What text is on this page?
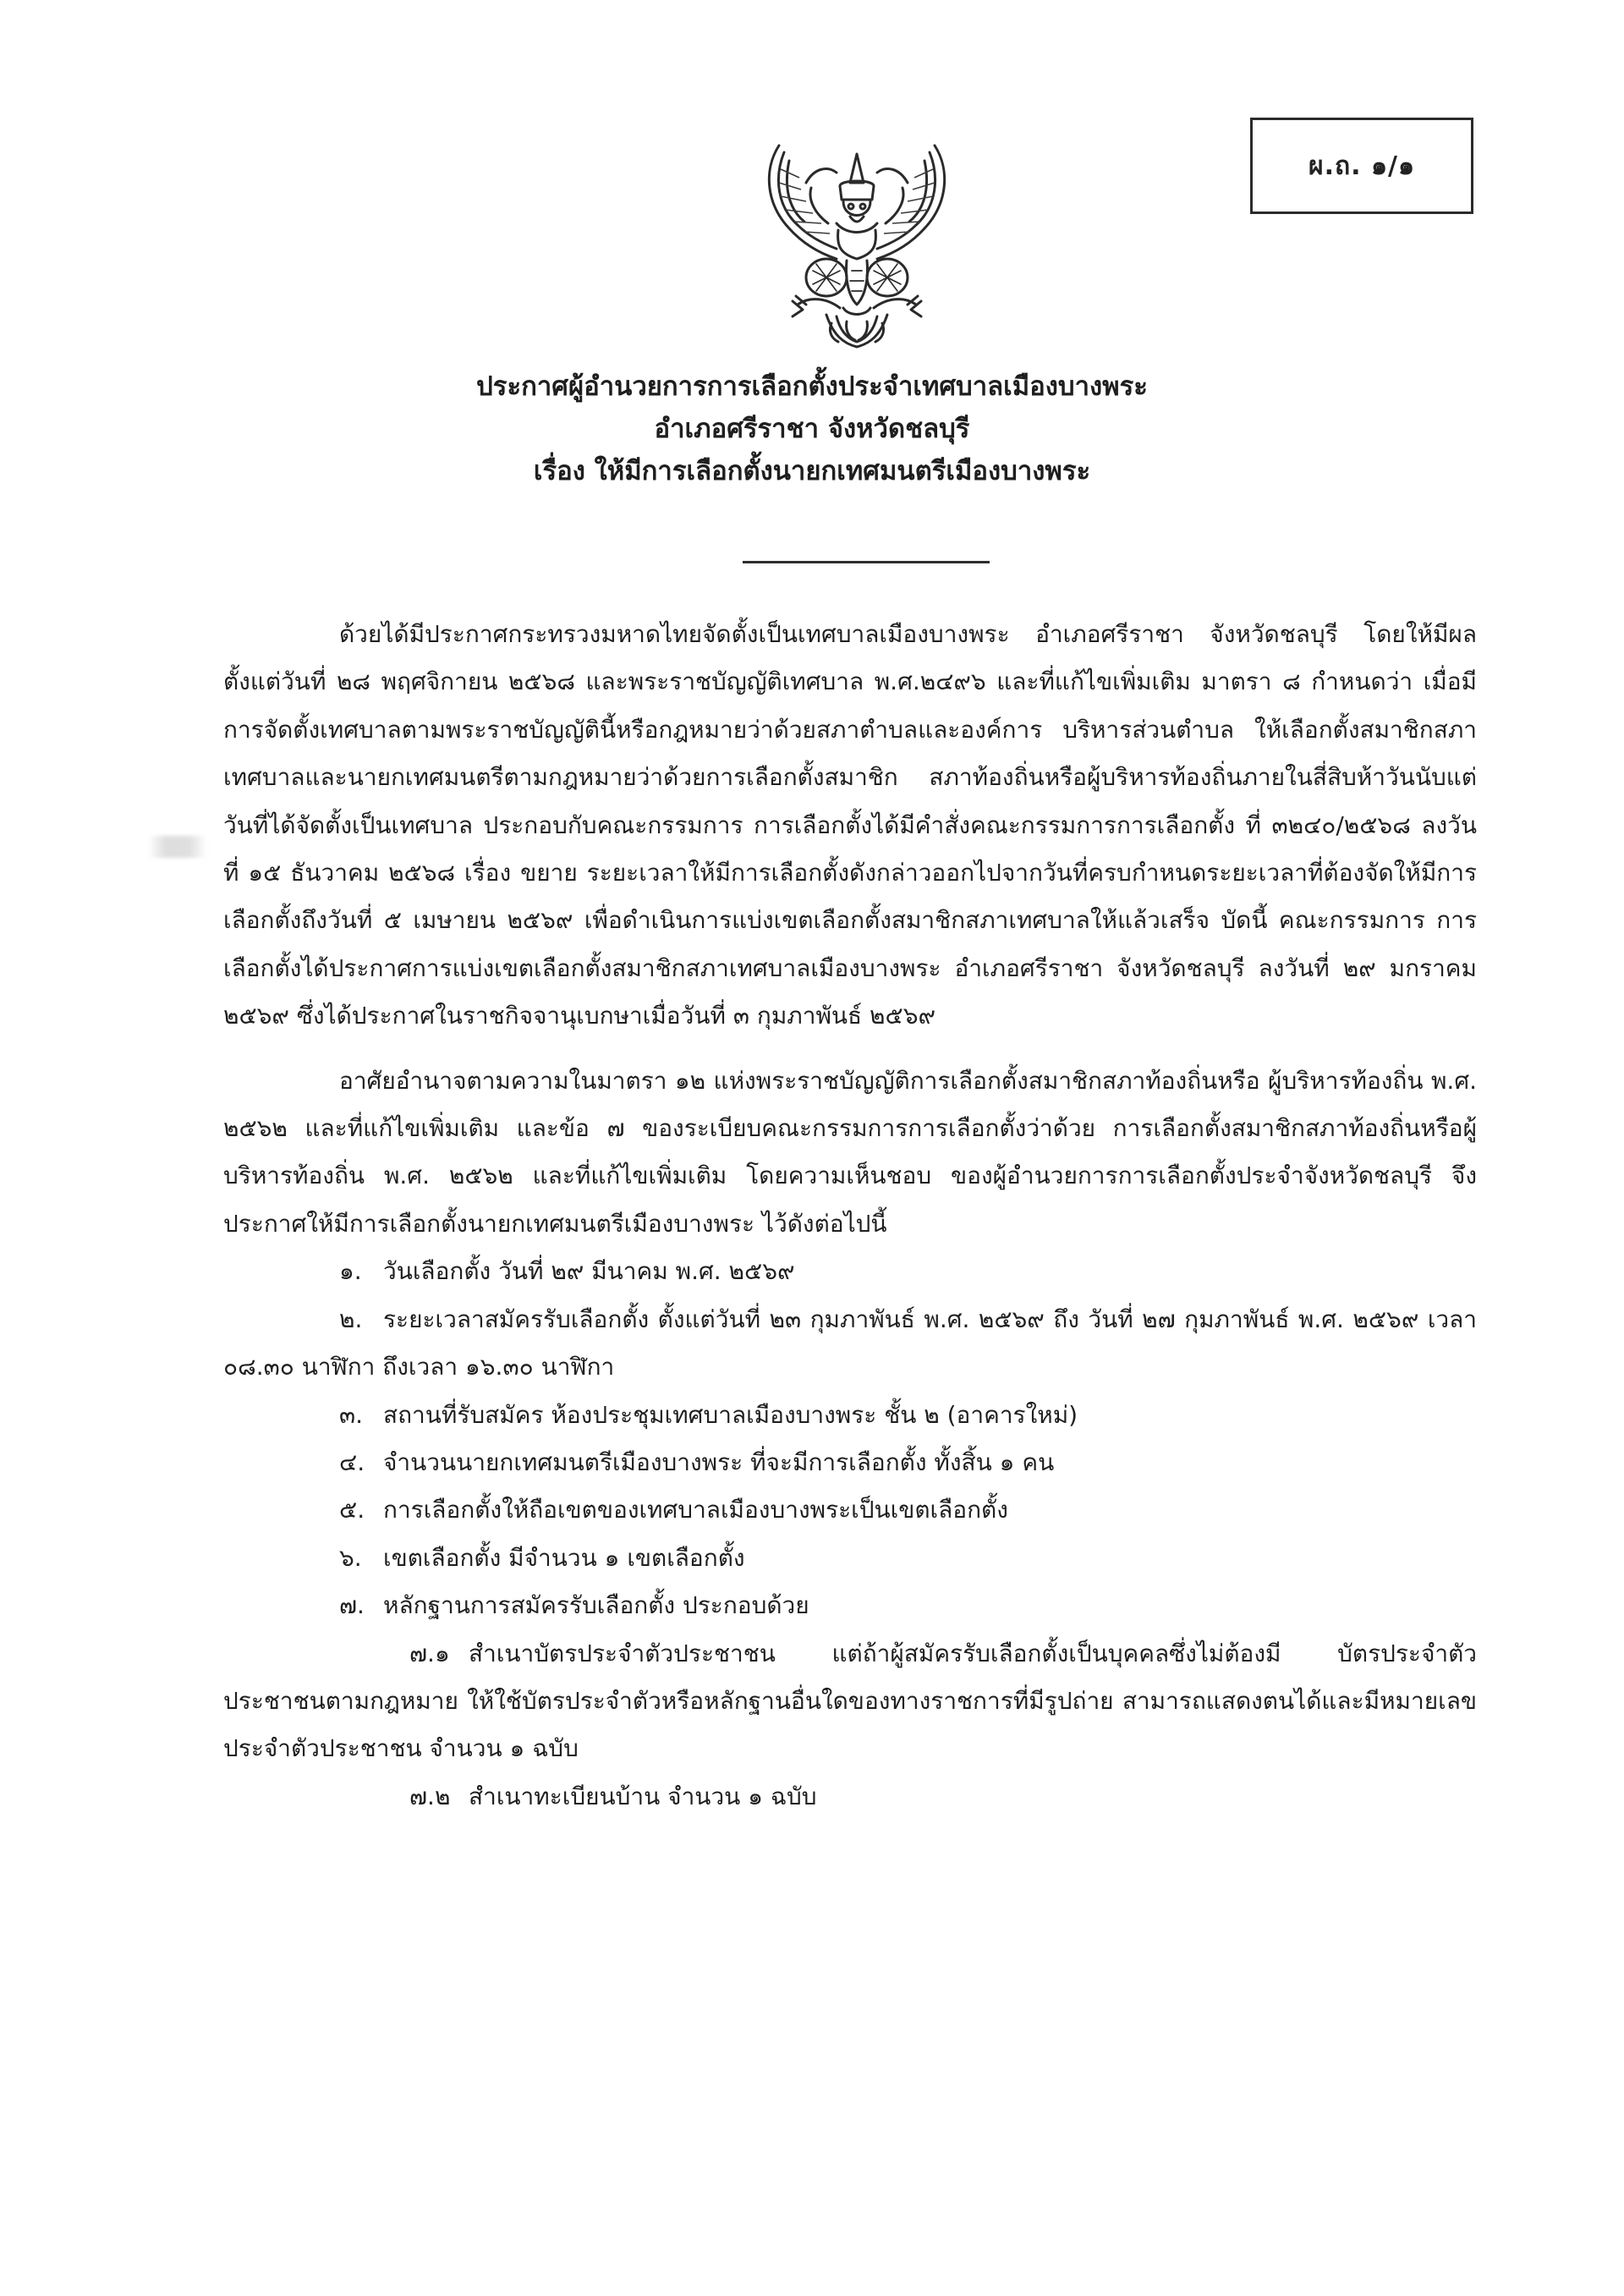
ผ.ถ. ๑/๑
ประกาศผู้อำนวยการการเลือกตั้งประจำเทศบาลเมืองบางพระ
อำเภอศรีราชา จังหวัดชลบุรี
เรื่อง ให้มีการเลือกตั้งนายกเทศมนตรีเมืองบางพระ

ด้วยได้มีประกาศกระทรวงมหาดไทยจัดตั้งเป็นเทศบาลเมืองบางพระ อำเภอศรีราชา จังหวัดชลบุรี โดยให้มีผลตั้งแต่วันที่ ๒๘ พฤศจิกายน ๒๕๖๘ และพระราชบัญญัติเทศบาล พ.ศ.๒๔๙๖ และที่แก้ไขเพิ่มเติม มาตรา ๘ กำหนดว่า เมื่อมีการจัดตั้งเทศบาลตามพระราชบัญญัตินี้หรือกฎหมายว่าด้วยสภาตำบลและองค์การ บริหารส่วนตำบล ให้เลือกตั้งสมาชิกสภาเทศบาลและนายกเทศมนตรีตามกฎหมายว่าด้วยการเลือกตั้งสมาชิก สภาท้องถิ่นหรือผู้บริหารท้องถิ่นภายในสี่สิบห้าวันนับแต่วันที่ได้จัดตั้งเป็นเทศบาล ประกอบกับคณะกรรมการ การเลือกตั้งได้มีคำสั่งคณะกรรมการการเลือกตั้ง ที่ ๓๒๔๐/๒๕๖๘ ลงวันที่ ๑๕ ธันวาคม ๒๕๖๘ เรื่อง ขยาย ระยะเวลาให้มีการเลือกตั้งดังกล่าวออกไปจากวันที่ครบกำหนดระยะเวลาที่ต้องจัดให้มีการเลือกตั้งถึงวันที่ ๕ เมษายน ๒๕๖๙ เพื่อดำเนินการแบ่งเขตเลือกตั้งสมาชิกสภาเทศบาลให้แล้วเสร็จ บัดนี้ คณะกรรมการ การเลือกตั้งได้ประกาศการแบ่งเขตเลือกตั้งสมาชิกสภาเทศบาลเมืองบางพระ อำเภอศรีราชา จังหวัดชลบุรี ลงวันที่ ๒๙ มกราคม ๒๕๖๙ ซึ่งได้ประกาศในราชกิจจานุเบกษาเมื่อวันที่ ๓ กุมภาพันธ์ ๒๕๖๙

อาศัยอำนาจตามความในมาตรา ๑๒ แห่งพระราชบัญญัติการเลือกตั้งสมาชิกสภาท้องถิ่นหรือ ผู้บริหารท้องถิ่น พ.ศ. ๒๕๖๒ และที่แก้ไขเพิ่มเติม และข้อ ๗ ของระเบียบคณะกรรมการการเลือกตั้งว่าด้วย การเลือกตั้งสมาชิกสภาท้องถิ่นหรือผู้บริหารท้องถิ่น พ.ศ. ๒๕๖๒ และที่แก้ไขเพิ่มเติม โดยความเห็นชอบ ของผู้อำนวยการการเลือกตั้งประจำจังหวัดชลบุรี จึงประกาศให้มีการเลือกตั้งนายกเทศมนตรีเมืองบางพระ ไว้ดังต่อไปนี้

๑. วันเลือกตั้ง วันที่ ๒๙ มีนาคม พ.ศ. ๒๕๖๙

๒. ระยะเวลาสมัครรับเลือกตั้ง ตั้งแต่วันที่ ๒๓ กุมภาพันธ์ พ.ศ. ๒๕๖๙ ถึง วันที่ ๒๗ กุมภาพันธ์ พ.ศ. ๒๕๖๙ เวลา ๐๘.๓๐ นาฬิกา ถึงเวลา ๑๖.๓๐ นาฬิกา

๓. สถานที่รับสมัคร ห้องประชุมเทศบาลเมืองบางพระ ชั้น ๒ (อาคารใหม่)

๔. จำนวนนายกเทศมนตรีเมืองบางพระ ที่จะมีการเลือกตั้ง ทั้งสิ้น ๑ คน

๕. การเลือกตั้งให้ถือเขตของเทศบาลเมืองบางพระเป็นเขตเลือกตั้ง

๖. เขตเลือกตั้ง มีจำนวน ๑ เขตเลือกตั้ง

๗. หลักฐานการสมัครรับเลือกตั้ง ประกอบด้วย

๗.๑ สำเนาบัตรประจำตัวประชาชน แต่ถ้าผู้สมัครรับเลือกตั้งเป็นบุคคลซึ่งไม่ต้องมี บัตรประจำตัวประชาชนตามกฎหมาย ให้ใช้บัตรประจำตัวหรือหลักฐานอื่นใดของทางราชการที่มีรูปถ่าย สามารถแสดงตนได้และมีหมายเลขประจำตัวประชาชน จำนวน ๑ ฉบับ

๗.๒ สำเนาทะเบียนบ้าน จำนวน ๑ ฉบับ
